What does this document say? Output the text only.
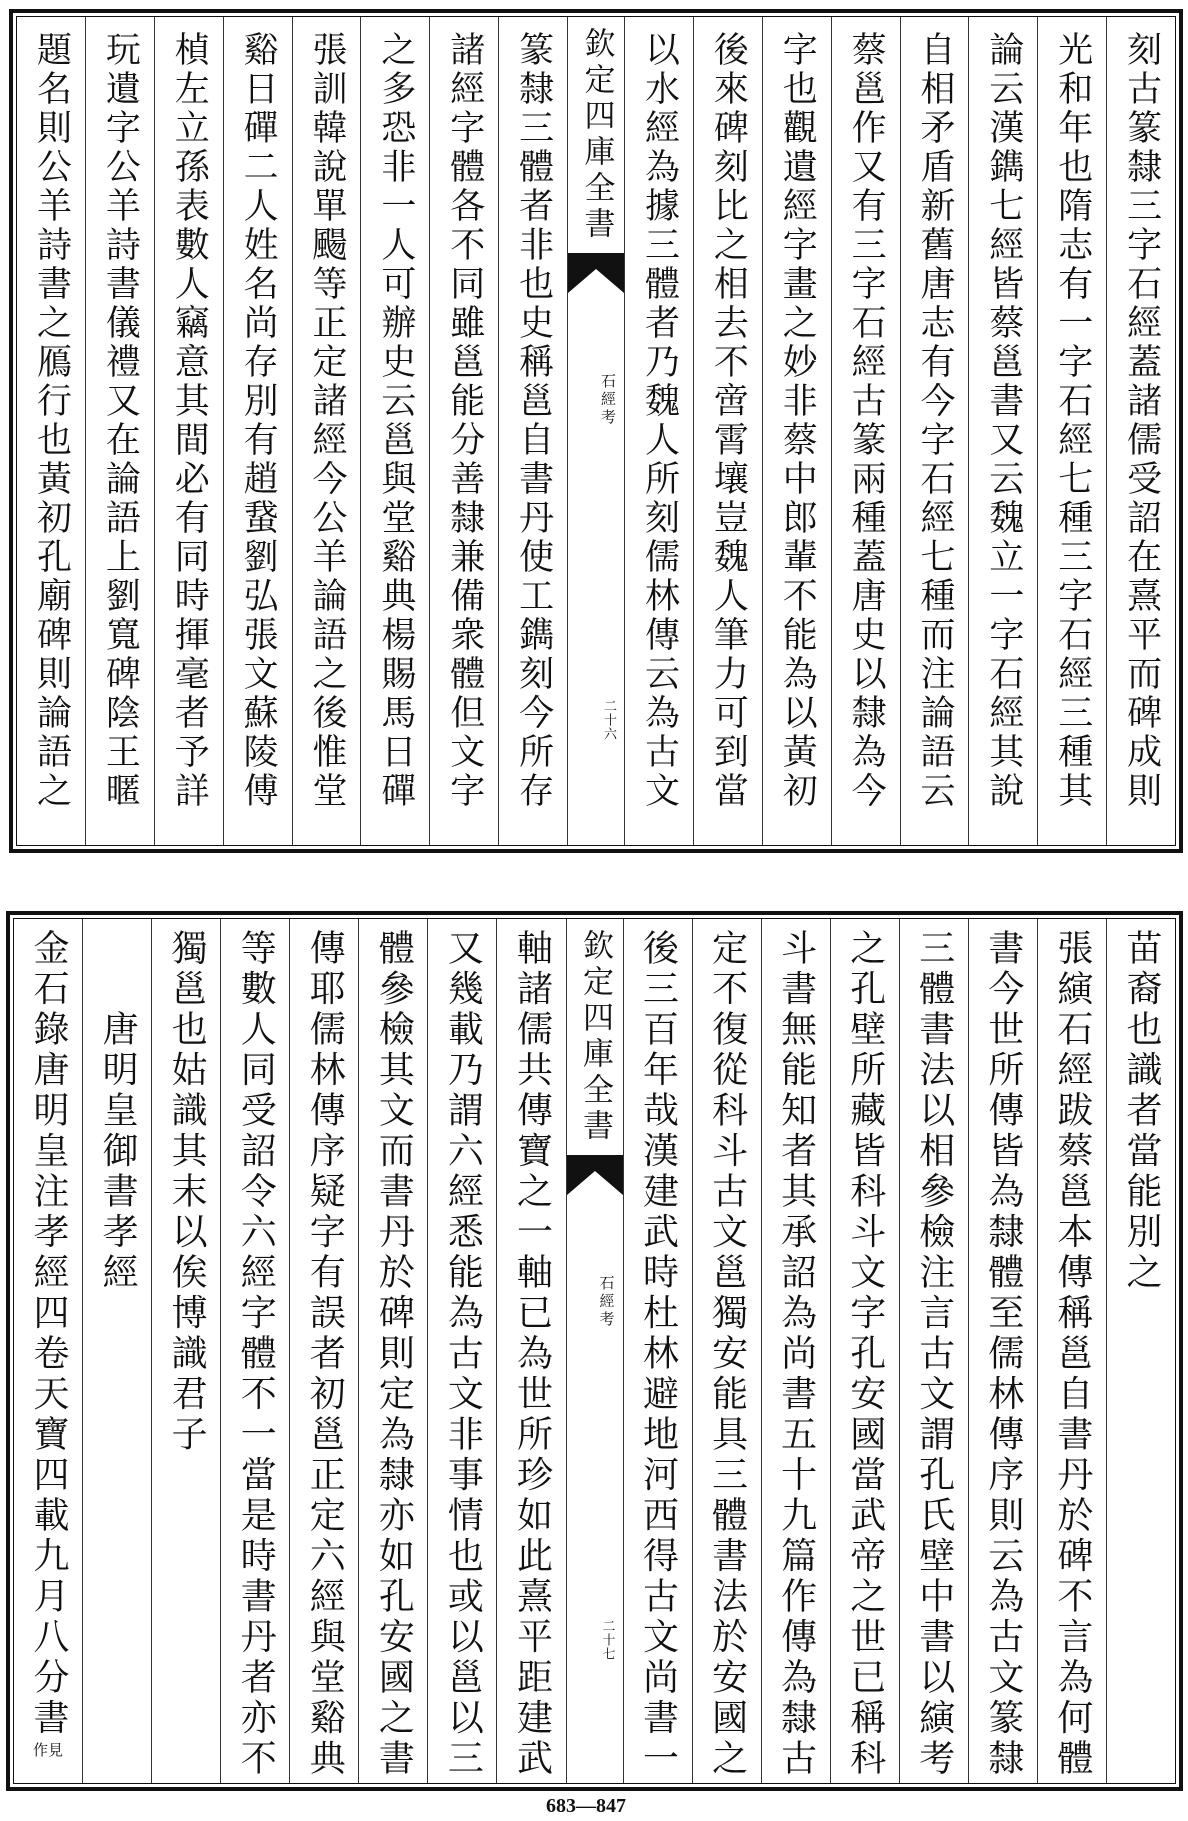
刻古篆隸三字石經蓋諸儒受詔在熹平而碑成則
光和年也隋志有一字石經七種三字石經三種其
論云漢鐫七經皆蔡邕書又云魏立一字石經其說
自相矛盾新舊唐志有今字石經七種而注論語云
蔡邕作又有三字石經古篆兩種蓋唐史以隸為今
字也觀遺經字畫之妙非蔡中郎輩不能為以黃初
後來碑刻比之相去不啻霄壤豈魏人筆力可到當
以水經為據三體者乃魏人所刻儒林傳云為古文
欽定四庫全書
石經考
二十六
篆隸三體者非也史稱邕自書丹使工鐫刻今所存
諸經字體各不同雖邕能分善隸兼備衆體但文字
之多恐非一人可辦史云邕與堂谿典楊賜馬日磾
張訓韓說單颺等正定諸經今公羊論語之後惟堂
谿日磾二人姓名尚存別有趙䖸劉弘張文蘇陵傅
楨左立孫表數人竊意其間必有同時揮毫者予詳
玩遺字公羊詩書儀禮又在論語上劉寬碑陰王暱
題名則公羊詩書之鴈行也黃初孔廟碑則論語之
苗裔也識者當能別之
張縯石經跋蔡邕本傳稱邕自書丹於碑不言為何體
書今世所傳皆為隸體至儒林傳序則云為古文篆隸
三體書法以相參檢注言古文謂孔氏壁中書以縯考
之孔壁所藏皆科斗文字孔安國當武帝之世已稱科
斗書無能知者其承詔為尚書五十九篇作傳為隸古
定不復從科斗古文邕獨安能具三體書法於安國之
後三百年哉漢建武時杜林避地河西得古文尚書一
欽定四庫全書
石經考
二十七
軸諸儒共傳寶之一軸已為世所珍如此熹平距建武
又幾載乃謂六經悉能為古文非事情也或以邕以三
體參檢其文而書丹於碑則定為隸亦如孔安國之書
傳耶儒林傳序疑字有誤者初邕正定六經與堂谿典
等數人同受詔令六經字體不一當是時書丹者亦不
獨邕也姑識其末以俟博識君子
唐明皇御書孝經
金石錄唐明皇注孝經四卷天寶四載九月八分書作見
683—847
